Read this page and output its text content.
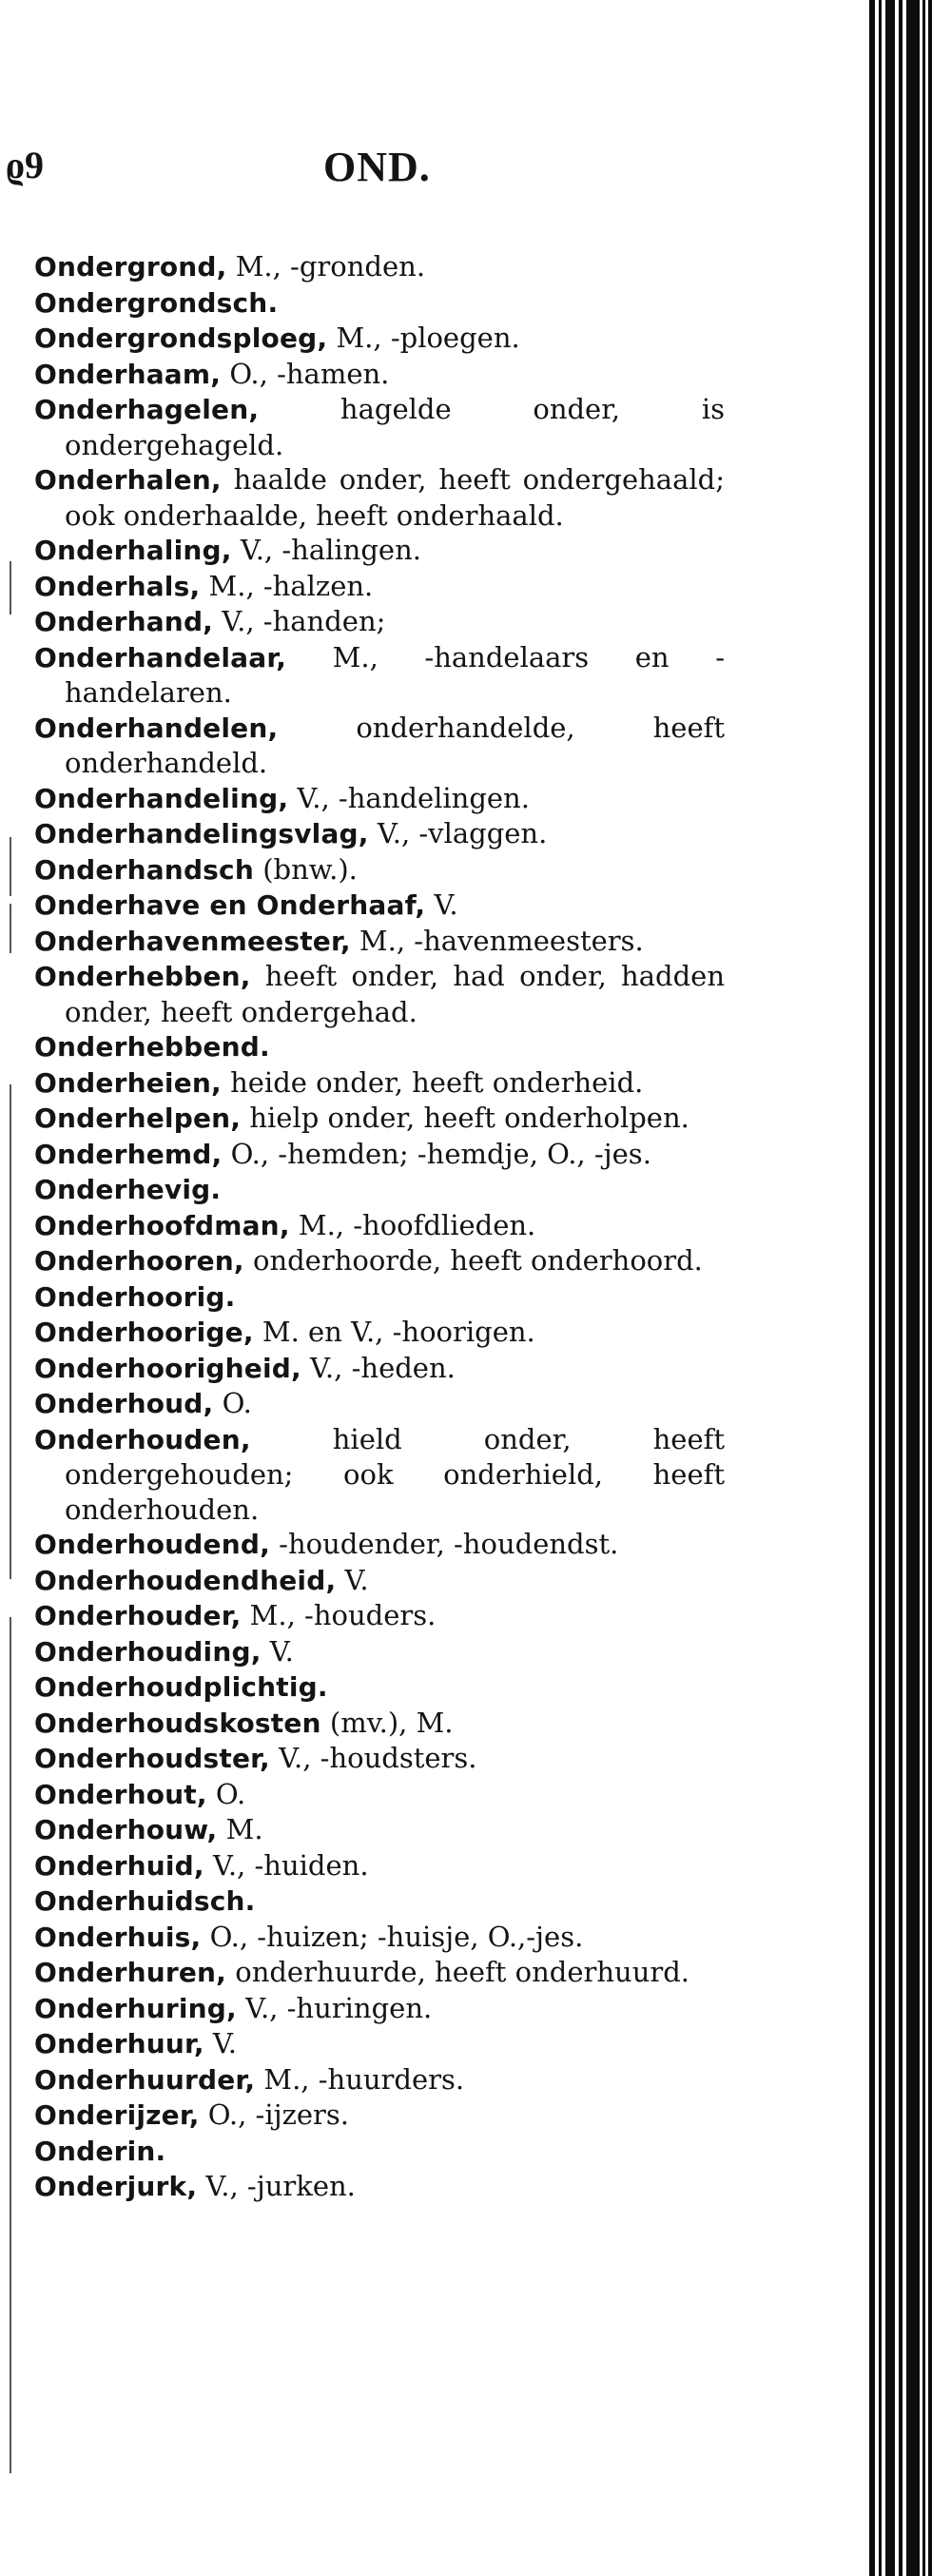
ϱ9	OND.
Ondergrond, M., -gronden.
Ondergrondsch.
Ondergrondsploeg, M., -ploegen.
Onderhaam, O., -hamen.
Onderhagelen, hagelde onder, is ondergehageld.
Onderhalen, haalde onder, heeft ondergehaald; ook onderhaalde, heeft onderhaald.
Onderhaling, V., -halingen.
Onderhals, M., -halzen.
Onderhand, V., -handen;
Onderhandelaar, M., -handelaars en -handelaren.
Onderhandelen, onderhandelde, heeft onderhandeld.
Onderhandeling, V., -handelingen.
Onderhandelingsvlag, V., -vlaggen.
Onderhandsch (bnw.).
Onderhave en Onderhaaf, V.
Onderhavenmeester, M., -havenmeesters.
Onderhebben, heeft onder, had onder, hadden onder, heeft ondergehad.
Onderhebbend.
Onderheien, heide onder, heeft onderheid.
Onderhelpen, hielp onder, heeft onderholpen.
Onderhemd, O., -hemden; -hemdje, O., -jes.
Onderhevig.
Onderhoofdman, M., -hoofdlieden.
Onderhooren, onderhoorde, heeft onderhoord.
Onderhoorig.
Onderhoorige, M. en V., -hoorigen.
Onderhoorigheid, V., -heden.
Onderhoud, O.
Onderhouden, hield onder, heeft ondergehouden; ook onderhield, heeft onderhouden.
Onderhoudend, -houdender, -houdendst.
Onderhoudendheid, V.
Onderhouder, M., -houders.
Onderhouding, V.
Onderhoudplichtig.
Onderhoudskosten (mv.), M.
Onderhoudster, V., -houdsters.
Onderhout, O.
Onderhouw, M.
Onderhuid, V., -huiden.
Onderhuidsch.
Onderhuis, O., -huizen; -huisje, O.,-jes.
Onderhuren, onderhuurde, heeft onderhuurd.
Onderhuring, V., -huringen.
Onderhuur, V.
Onderhuurder, M., -huurders.
Onderijzer, O., -ijzers.
Onderin.
Onderjurk, V., -jurken.
